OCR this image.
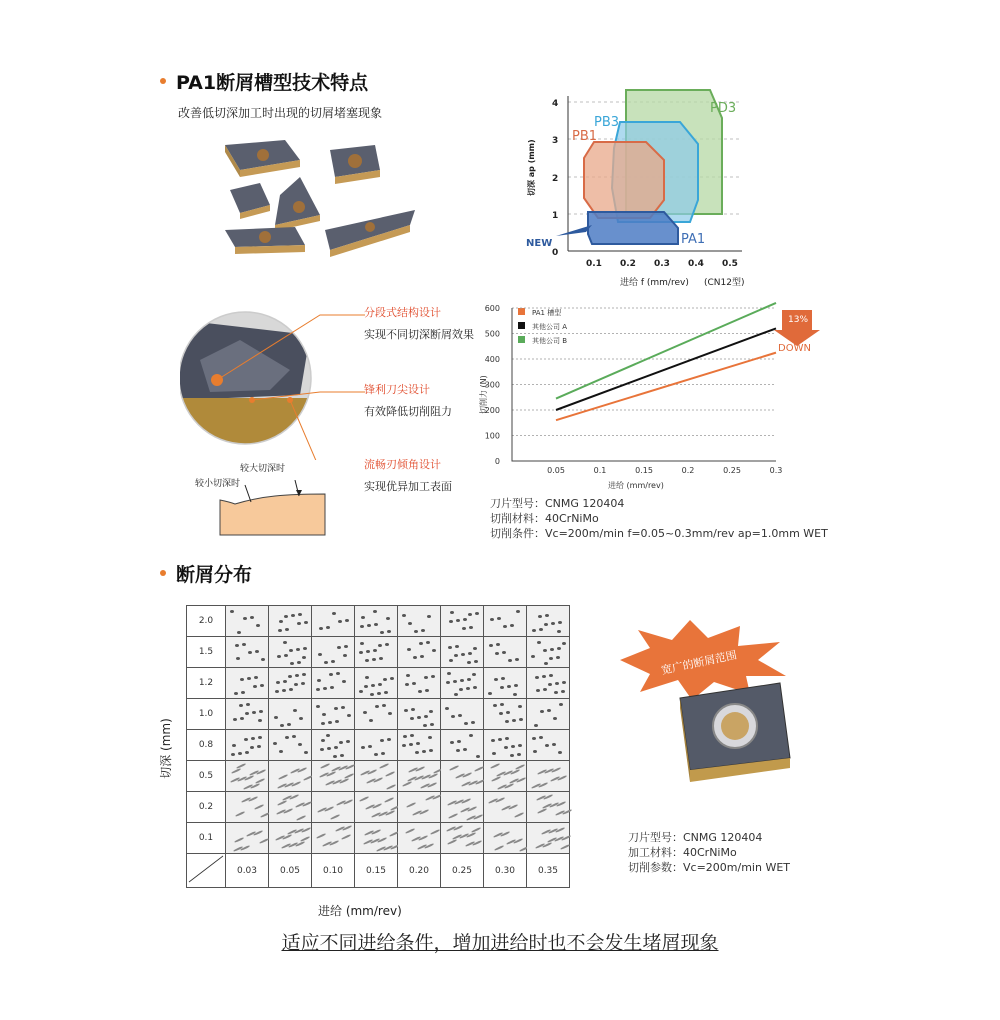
PA1断屑槽型技术特点
改善低切深加工时出现的切屑堵塞现象	PD3
PB3
PB1
PA1
NEW
0
1
2
3
4
0.1 0.2 0.3 0.4 0.5
进给 f (mm/rev) (CN12型)
切深 ap (mm)
分段式结构设计
实现不同切深断屑效果
锋利刀尖设计
有效降低切削阻力
流畅刃倾角设计
实现优异加工表面
较大切深时
较小切深时
PA1 槽型
其他公司 A
其他公司 B
0
100
200
300
400
500
600
0.05	0.1	0.15	0.2	0.25	0.3
切削力 (N)
进给 (mm/rev)
13%
DOWN
刀片型号：CNMG 120404
切削材料：40CrNiMo
切削条件：Vc=200m/min f=0.05~0.3mm/rev ap=1.0mm WET
断屑分布
切深 (mm)
2.0	

1.5	

1.2	

1.0	

0.8	

0.5	

0.2	

0.1	

	0.03	0.05	0.10	0.15	0.20	0.25	0.30	0.35
进给 (mm/rev)
宽广的断屑范围
刀片型号：CNMG 120404
加工材料：40CrNiMo
切削参数：Vc=200m/min WET
适应不同进给条件，增加进给时也不会发生堵屑现象
